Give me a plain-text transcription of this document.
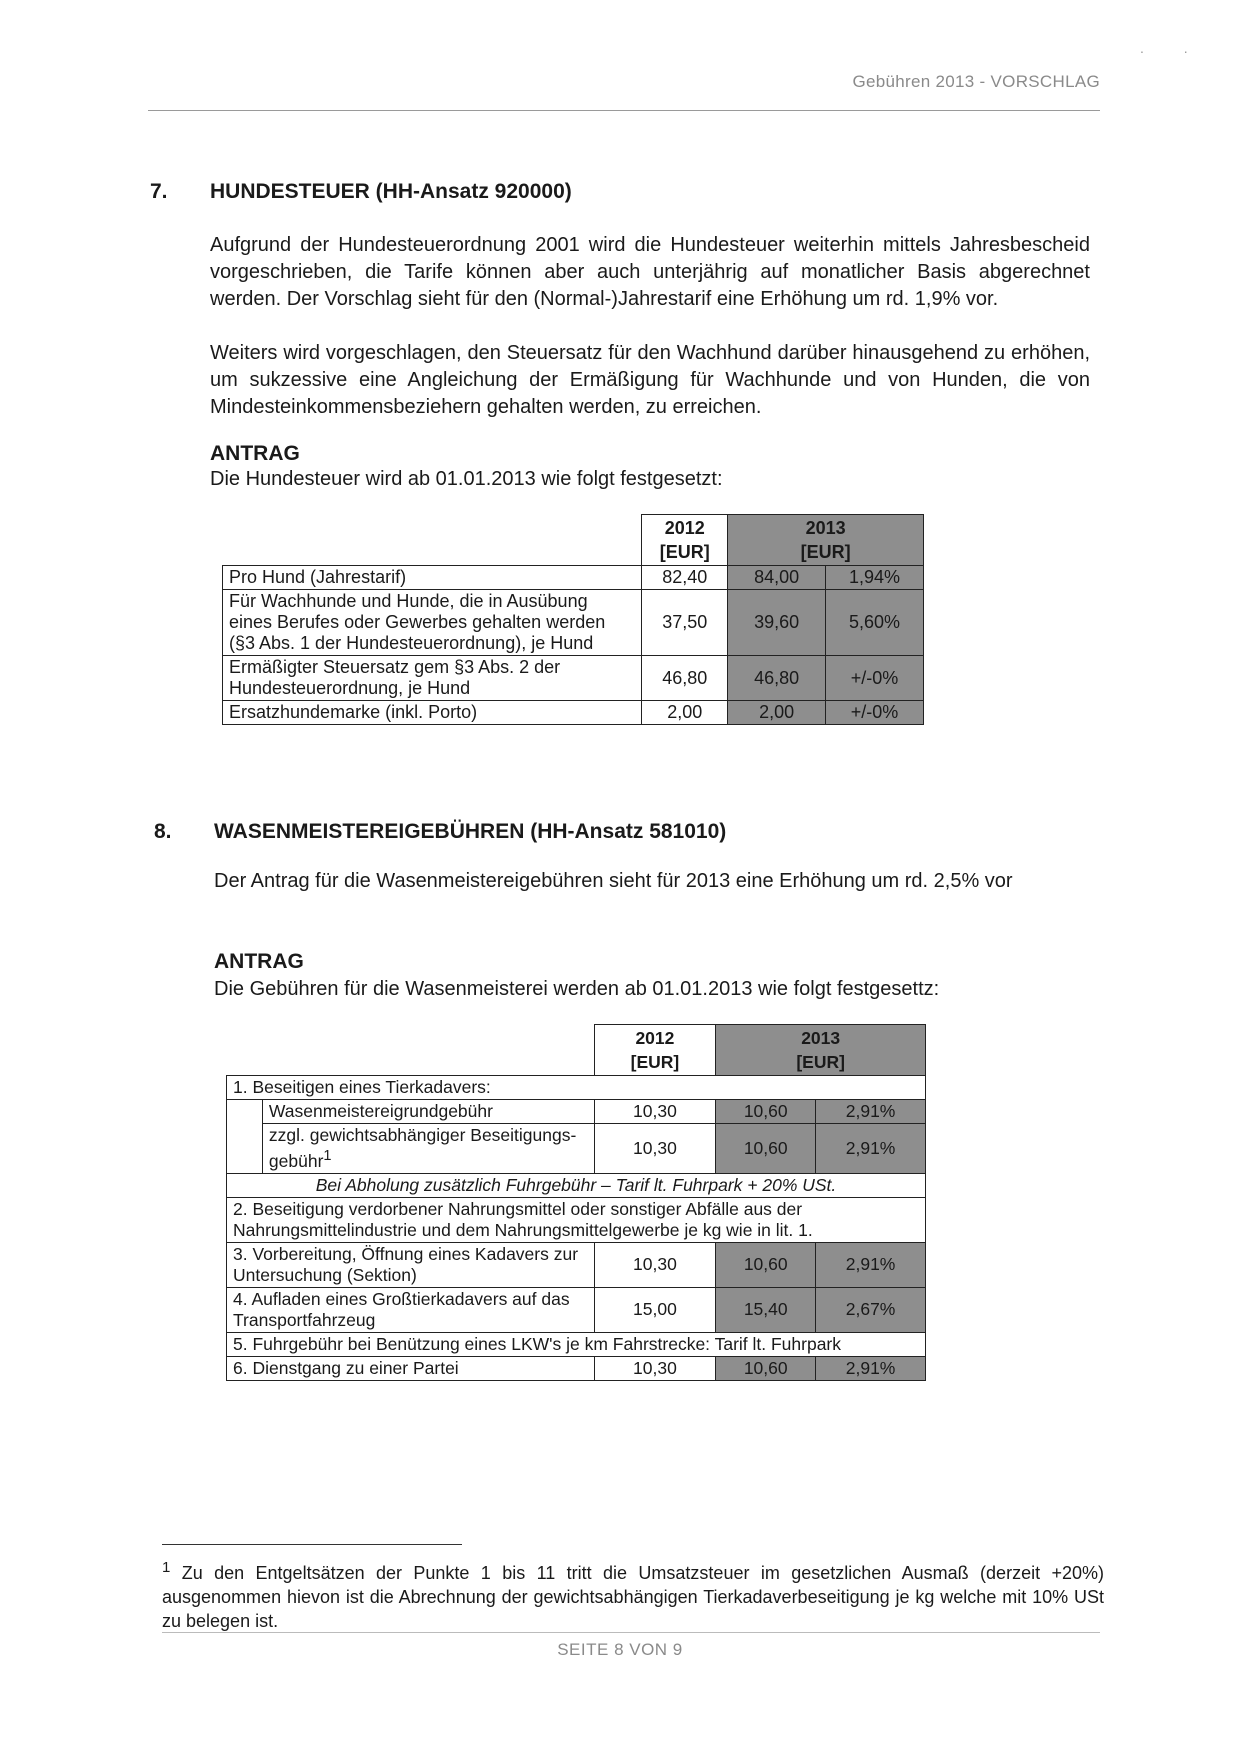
. .
Gebühren 2013 - VORSCHLAG
7. HUNDESTEUER (HH-Ansatz 920000)
Aufgrund der Hundesteuerordnung 2001 wird die Hundesteuer weiterhin mittels Jahresbescheid vorgeschrieben, die Tarife können aber auch unterjährig auf monatlicher Basis abgerechnet werden. Der Vorschlag sieht für den (Normal-)Jahrestarif eine Erhöhung um rd. 1,9% vor.
Weiters wird vorgeschlagen, den Steuersatz für den Wachhund darüber hinausgehend zu erhöhen, um sukzessive eine Angleichung der Ermäßigung für Wachhunde und von Hunden, die von Mindesteinkommensbeziehern gehalten werden, zu erreichen.
ANTRAG
Die Hundesteuer wird ab 01.01.2013 wie folgt festgesetzt:
	2012
[EUR]	2013
[EUR]	
Pro Hund (Jahrestarif)	82,40	84,00	1,94%
Für Wachhunde und Hunde, die in Ausübung eines Berufes oder Gewerbes gehalten werden (§3 Abs. 1 der Hundesteuerordnung), je Hund	37,50	39,60	5,60%
Ermäßigter Steuersatz gem §3 Abs. 2 der Hundesteuerordnung, je Hund	46,80	46,80	+/-0%
Ersatzhundemarke (inkl. Porto)	2,00	2,00	+/-0%
8. WASENMEISTEREIGEBÜHREN (HH-Ansatz 581010)
Der Antrag für die Wasenmeistereigebühren sieht für 2013 eine Erhöhung um rd. 2,5% vor
ANTRAG
Die Gebühren für die Wasenmeisterei werden ab 01.01.2013 wie folgt festgesettz:
		2012
[EUR]	2013
[EUR]	
1. Beseitigen eines Tierkadavers:				
	Wasenmeistereigrundgebühr	10,30	10,60	2,91%
	zzgl. gewichtsabhängiger Beseitigungs-gebühr$^1$	10,30	10,60	2,91%
Bei Abholung zusätzlich Fuhrgebühr – Tarif lt. Fuhrpark + 20% USt.				
2. Beseitigung verdorbener Nahrungsmittel oder sonstiger Abfälle aus der Nahrungsmittelindustrie und dem Nahrungsmittelgewerbe je kg wie in lit. 1.				
3. Vorbereitung, Öffnung eines Kadavers zur Untersuchung (Sektion)		10,30	10,60	2,91%
4. Aufladen eines Großtierkadavers auf das Transportfahrzeug		15,00	15,40	2,67%
5. Fuhrgebühr bei Benützung eines LKW's je km Fahrstrecke: Tarif lt. Fuhrpark				
6. Dienstgang zu einer Partei		10,30	10,60	2,91%
$^1$ Zu den Entgeltsätzen der Punkte 1 bis 11 tritt die Umsatzsteuer im gesetzlichen Ausmaß (derzeit +20%) ausgenommen hievon ist die Abrechnung der gewichtsabhängigen Tierkadaverbeseitigung je kg welche mit 10% USt zu belegen ist.
SEITE 8 VON 9
